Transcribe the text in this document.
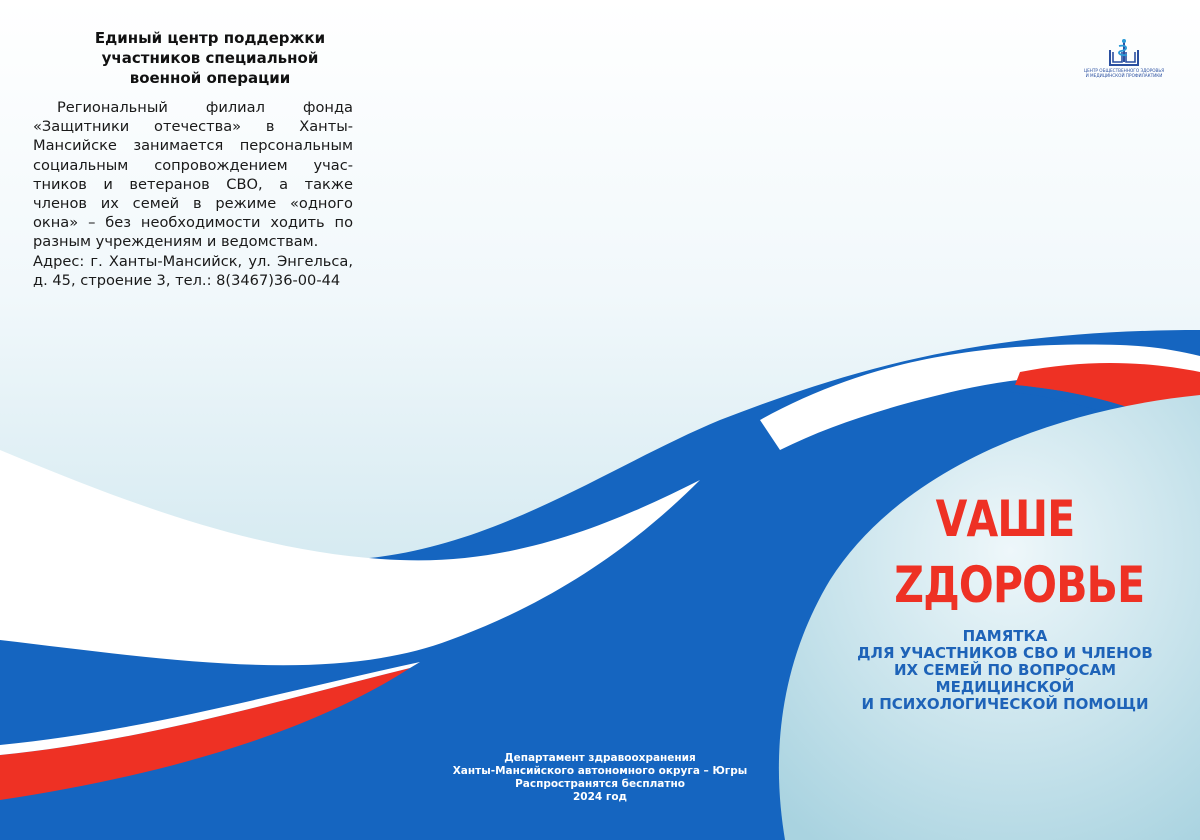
Единый центр поддержки
участников специальной
военной операции
Региональный филиал фонда
«Защитники отечества» в Ханты-
Мансийске занимается персональным
социальным сопровождением учас-
тников и ветеранов СВО, а также
членов их семей в режиме «одного
окна» – без необходимости ходить по
разным учреждениям и ведомствам.
Адрес: г. Ханты-Мансийск, ул. Энгельса,
д. 45, строение 3, тел.: 8(3467)36-00-44
ЦЕНТР ОБЩЕСТВЕННОГО ЗДОРОВЬЯ
И МЕДИЦИНСКОЙ ПРОФИЛАКТИКИ
VАШЕ
ZДОРОВЬЕ
ПАМЯТКА
ДЛЯ УЧАСТНИКОВ СВО И ЧЛЕНОВ
ИХ СЕМЕЙ ПО ВОПРОСАМ
МЕДИЦИНСКОЙ
И ПСИХОЛОГИЧЕСКОЙ ПОМОЩИ
Департамент здравоохранения
Ханты-Мансийского автономного округа – Югры
Распространятся бесплатно
2024 год
